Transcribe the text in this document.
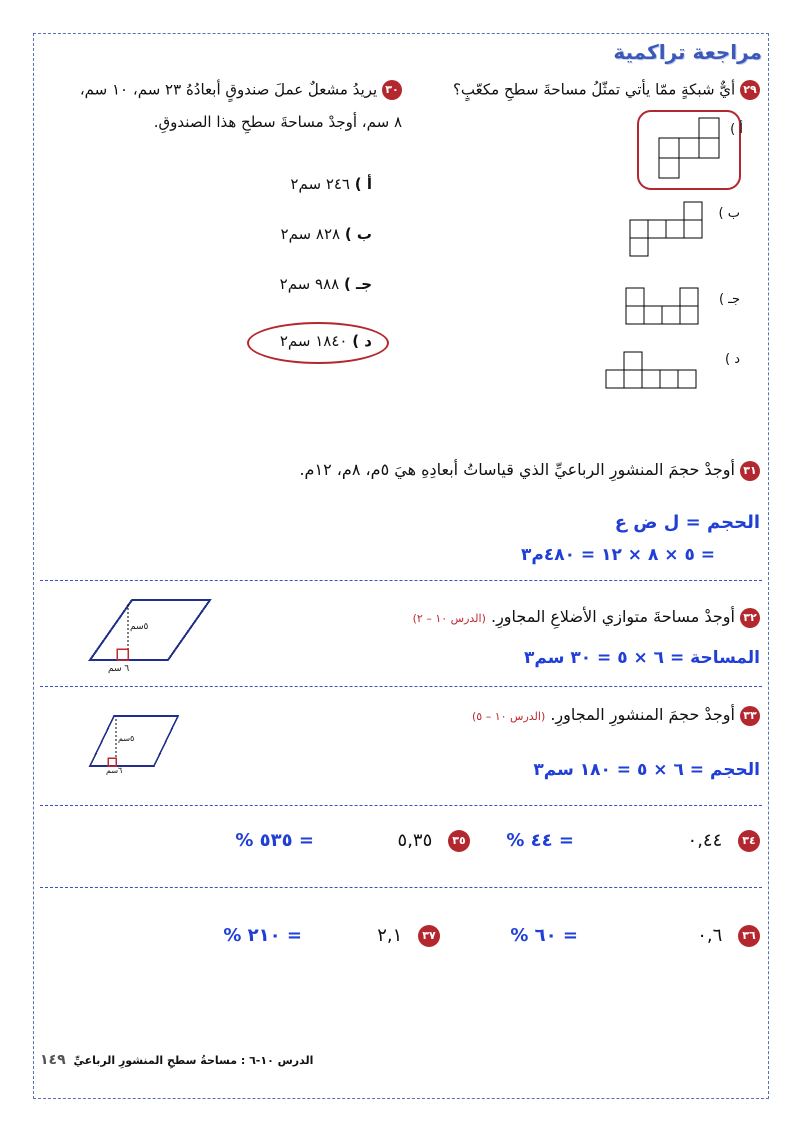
مراجعة تراكمية
٢٩ أيٌّ شبكةٍ ممّا يأتي تمثّلُ مساحةَ سطحِ مكعّبٍ؟
أ )
ب )
جـ )
د )
٣٠ يريدُ مشعلٌ عملَ صندوقٍ أبعادُهُ ٢٣ سم، ١٠ سم،
٨ سم، أوجدْ مساحةَ سطحِ هذا الصندوقِ.
أ ) ٢٤٦ سم٢
ب ) ٨٢٨ سم٢
جـ ) ٩٨٨ سم٢
د ) ١٨٤٠ سم٢
٣١ أوجدْ حجمَ المنشورِ الرباعيِّ الذي قياساتُ أبعادِهِ هيَ ٥م، ٨م، ١٢م.
الحجم = ل ض ع
= ٥ × ٨ × ١٢ = ٤٨٠م٣
٣٢ أوجدْ مساحةَ متوازي الأضلاعِ المجاورِ. (الدرس ١٠ – ٢)
المساحة = ٦ × ٥ = ٣٠ سم٣
٥سم
٦ سم
٣٣ أوجدْ حجمَ المنشورِ المجاورِ. (الدرس ١٠ – ٥)
الحجم = ٦ × ٥ = ١٨٠ سم٣
٥سم
٦سم
٣٤ ٠,٤٤
= ٤٤ %
٣٥ ٥,٣٥
= ٥٣٥ %
٣٦ ٠,٦
= ٦٠ %
٣٧ ٢,١
= ٢١٠ %
الدرس ١٠-٦ : مساحةُ سطحِ المنشورِ الرباعيِّ ١٤٩
